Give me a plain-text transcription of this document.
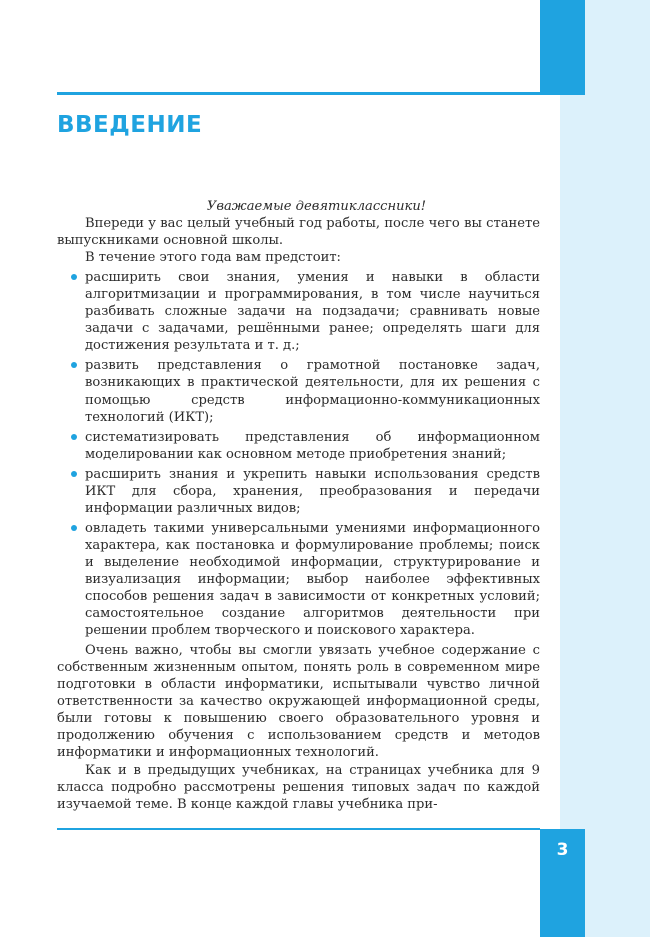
3
ВВЕДЕНИЕ

Уважаемые девятиклассники!

Впереди у вас целый учебный год работы, после чего вы станете выпускниками основной школы.

В течение этого года вам предстоит:

расширить свои знания, умения и навыки в области алгоритмизации и программирования, в том числе научиться разбивать сложные задачи на подзадачи; сравнивать новые задачи с задачами, решёнными ранее; определять шаги для достижения результата и т. д.;
развить представления о грамотной постановке задач, возникающих в практической деятельности, для их решения с помощью средств информационно-коммуникационных технологий (ИКТ);
систематизировать представления об информационном моделировании как основном методе приобретения знаний;
расширить знания и укрепить навыки использования средств ИКТ для сбора, хранения, преобразования и передачи информации различных видов;
овладеть такими универсальными умениями информационного характера, как постановка и формулирование проблемы; поиск и выделение необходимой информации, структурирование и визуализация информации; выбор наиболее эффективных способов решения задач в зависимости от конкретных условий; самостоятельное создание алгоритмов деятельности при решении проблем творческого и поискового характера.

Очень важно, чтобы вы смогли увязать учебное содержание с собственным жизненным опытом, понять роль в современном мире подготовки в области информатики, испытывали чувство личной ответственности за качество окружающей информационной среды, были готовы к повышению своего образовательного уровня и продолжению обучения с использованием средств и методов информатики и информационных технологий.

Как и в предыдущих учебниках, на страницах учебника для 9 класса подробно рассмотрены решения типовых задач по каждой изучаемой теме. В конце каждой главы учебника при-
